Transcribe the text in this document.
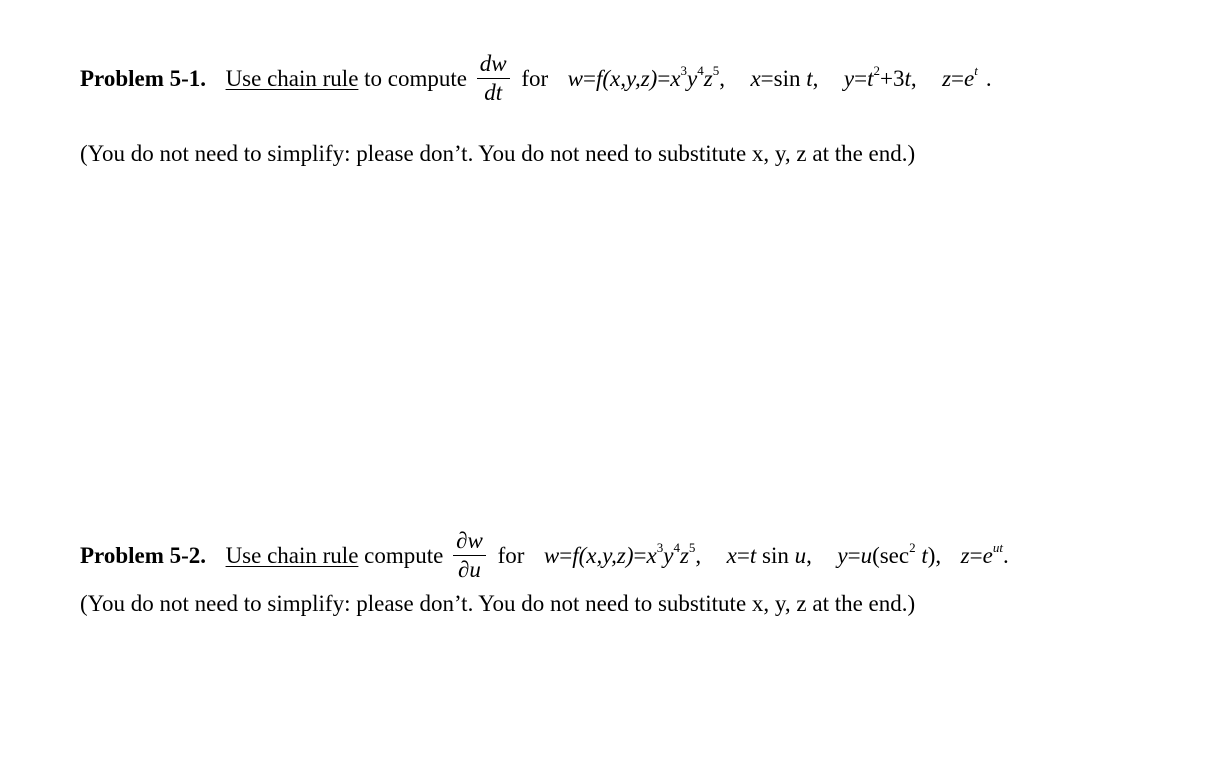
Problem 5-1. Use chain rule to compute $\frac{dw}{dt}$ for $w=f(x,y,z)=x^3y^4z^5$, x=sin t, $y=t^2+3t$, $z=e^t$ .
(You do not need to simplify: please don’t. You do not need to substitute x, y, z at the end.)
Problem 5-2. Use chain rule compute $\frac{\partial w}{\partial u}$ for $w=f(x,y,z)=x^3y^4z^5$, x=t sin u, $y=u(\sec^2$ t), $z=e^{ut}$.
(You do not need to simplify: please don’t. You do not need to substitute x, y, z at the end.)
